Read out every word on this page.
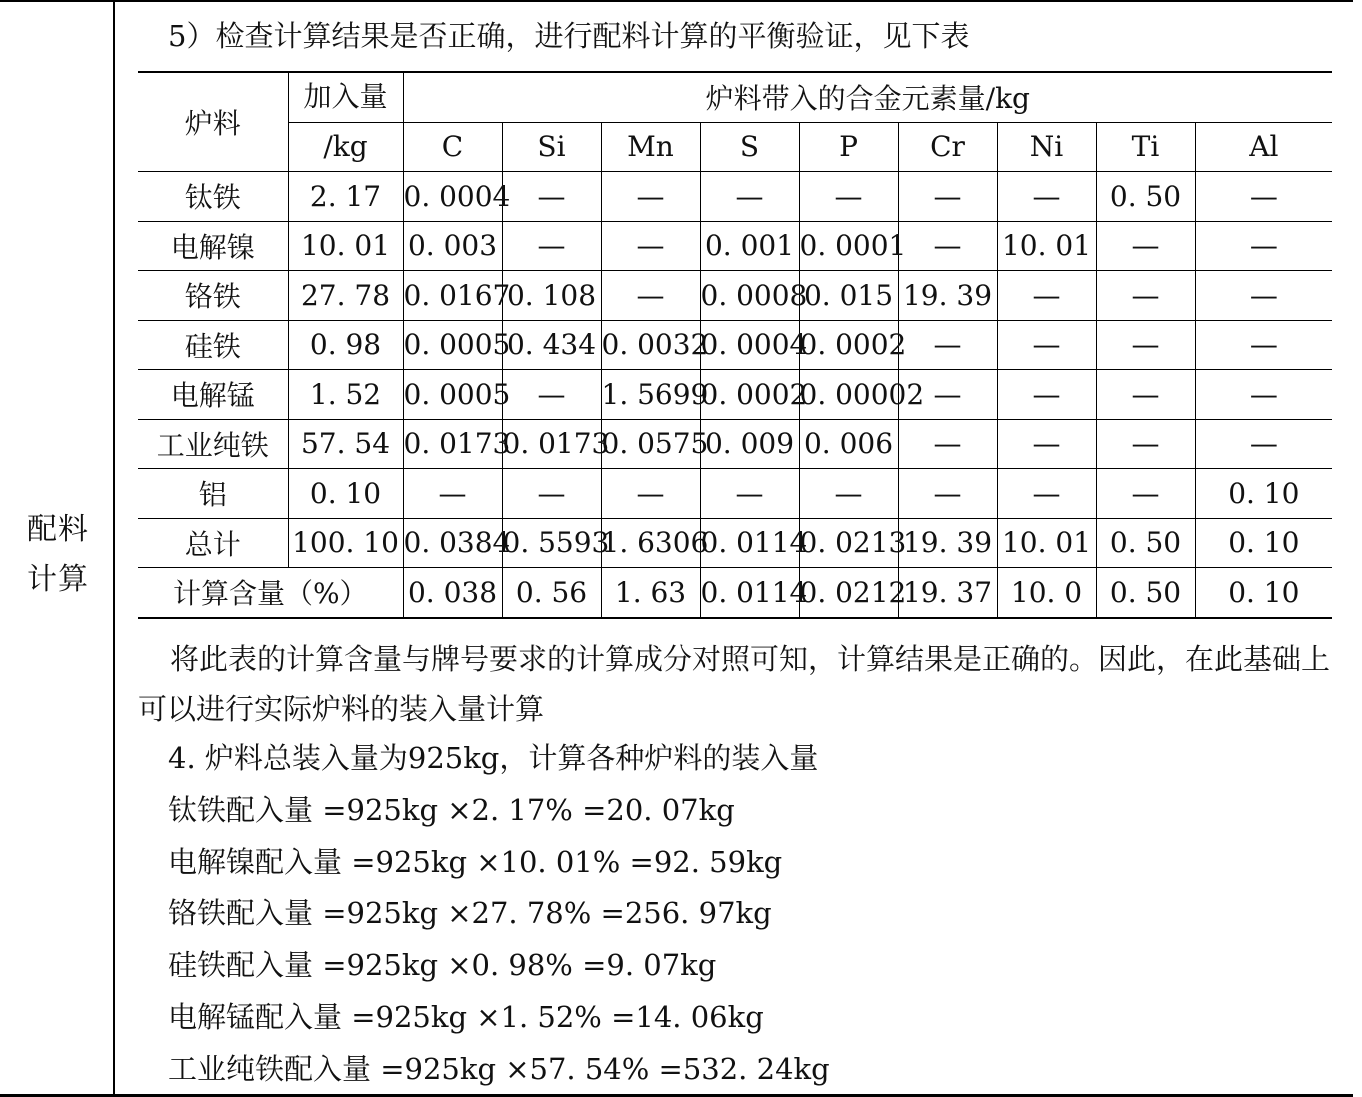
配料
计算
5）检查计算结果是否正确，进行配料计算的平衡验证，见下表
炉料	加入量	炉料带入的合金元素量/kg								
	/kg	C	Si	Mn	S	P	Cr	Ni	Ti	Al
钛铁	2. 17	0. 0004	—	—	—	—	—	—	0. 50	—
电解镍	10. 01	0. 003	—	—	0. 001	0. 0001	—	10. 01	—	—
铬铁	27. 78	0. 0167	0. 108	—	0. 0008	0. 015	19. 39	—	—	—
硅铁	0. 98	0. 0005	0. 434	0. 0032	0. 0004	0. 0002	—	—	—	—
电解锰	1. 52	0. 0005	—	1. 5699	0. 0002	0. 00002	—	—	—	—
工业纯铁	57. 54	0. 0173	0. 0173	0. 0575	0. 009	0. 006	—	—	—	—
铝	0. 10	—	—	—	—	—	—	—	—	0. 10
总计	100. 10	0. 0384	0. 5593	1. 6306	0. 0114	0. 0213	19. 39	10. 01	0. 50	0. 10
计算含量（%）		0. 038	0. 56	1. 63	0. 0114	0. 0212	19. 37	10. 0	0. 50	0. 10
将此表的计算含量与牌号要求的计算成分对照可知，计算结果是正确的。因此，在此基础上可以进行实际炉料的装入量计算
4. 炉料总装入量为925kg，计算各种炉料的装入量
钛铁配入量 =925kg ×2. 17% =20. 07kg
电解镍配入量 =925kg ×10. 01% =92. 59kg
铬铁配入量 =925kg ×27. 78% =256. 97kg
硅铁配入量 =925kg ×0. 98% =9. 07kg
电解锰配入量 =925kg ×1. 52% =14. 06kg
工业纯铁配入量 =925kg ×57. 54% =532. 24kg
